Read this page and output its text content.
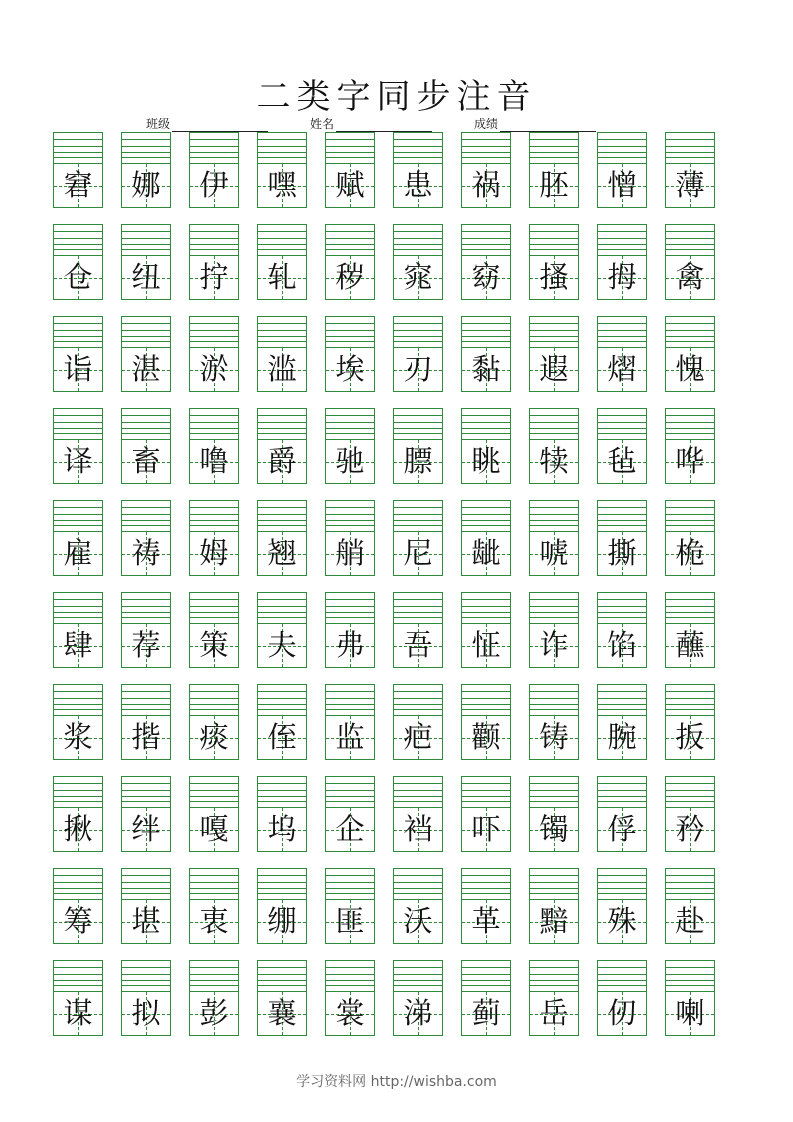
二类字同步注音
班级	姓名	成绩
窘	娜	伊	嘿	赋	患	祸	胚	憎	薄
仓	纽	拧	轧	秽	窕	窈	搔	拇	禽
诣	湛	淤	滥	埃	刃	黏	遐	熠	愧
译	畜	噜	爵	驰	膘	眺	犊	毡	哗
雇	祷	姆	翘	艄	尼	龇	唬	撕	桅
肆	荐	策	夫	弗	吾	怔	诈	馅	蘸
浆	揩	痰	侄	监	疤	颧	铸	腕	扳
揪	绊	嘎	坞	企	裆	吓	镯	俘	矜
筹	堪	衷	绷	匪	沃	革	黯	殊	赴
谋	拟	彭	襄	裳	涕	蓟	岳	仞	喇
学习资料网 http://wishba.com
